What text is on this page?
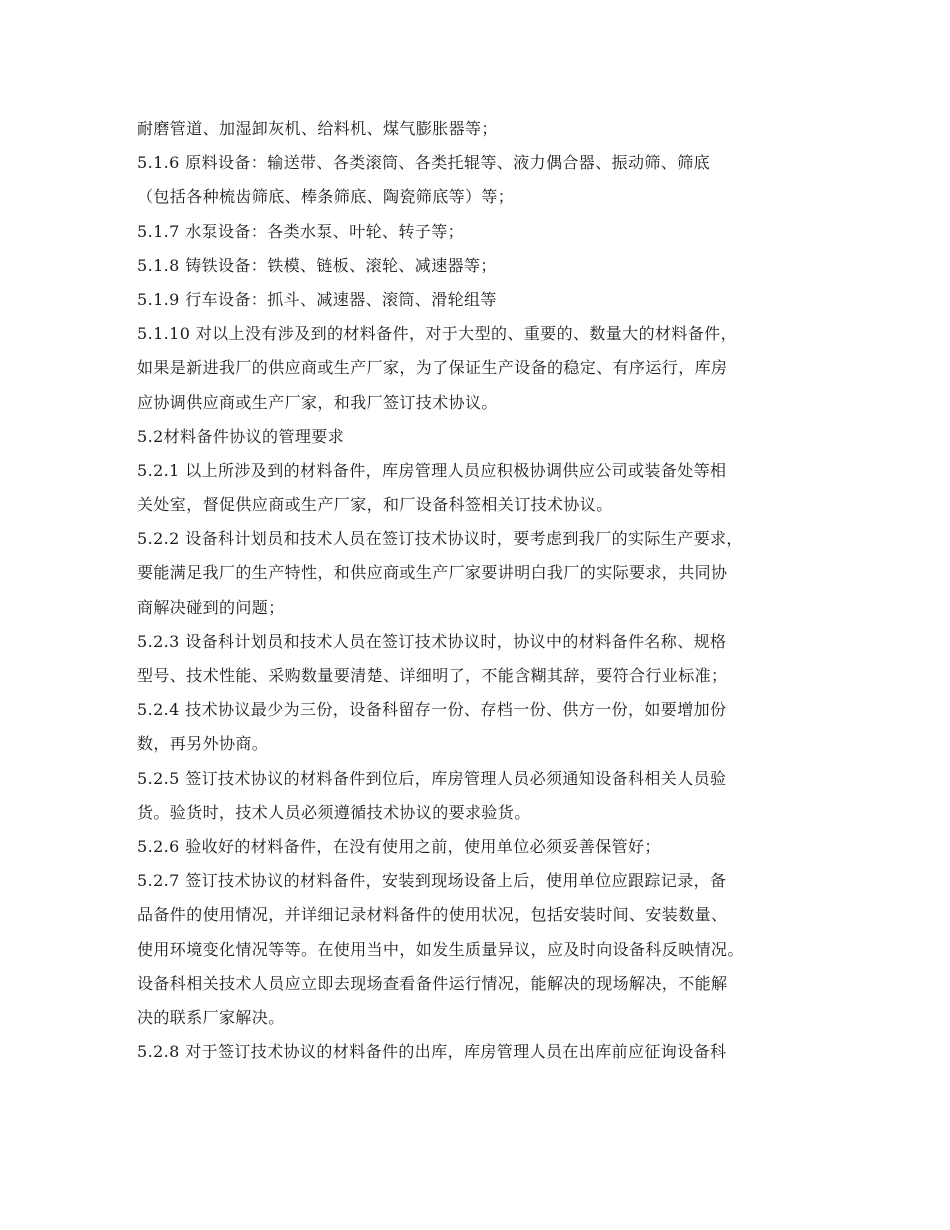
耐磨管道、加湿卸灰机、给料机、煤气膨胀器等；
5.1.6 原料设备：输送带、各类滚筒、各类托辊等、液力偶合器、振动筛、筛底
（包括各种梳齿筛底、棒条筛底、陶瓷筛底等）等；
5.1.7 水泵设备：各类水泵、叶轮、转子等；
5.1.8 铸铁设备：铁模、链板、滚轮、减速器等；
5.1.9 行车设备：抓斗、减速器、滚筒、滑轮组等
5.1.10 对以上没有涉及到的材料备件，对于大型的、重要的、数量大的材料备件，
如果是新进我厂的供应商或生产厂家，为了保证生产设备的稳定、有序运行，库房
应协调供应商或生产厂家，和我厂签订技术协议。
5.2材料备件协议的管理要求
5.2.1 以上所涉及到的材料备件，库房管理人员应积极协调供应公司或装备处等相
关处室，督促供应商或生产厂家，和厂设备科签相关订技术协议。
5.2.2 设备科计划员和技术人员在签订技术协议时，要考虑到我厂的实际生产要求，
要能满足我厂的生产特性，和供应商或生产厂家要讲明白我厂的实际要求，共同协
商解决碰到的问题；
5.2.3 设备科计划员和技术人员在签订技术协议时，协议中的材料备件名称、规格
型号、技术性能、采购数量要清楚、详细明了，不能含糊其辞，要符合行业标准；
5.2.4 技术协议最少为三份，设备科留存一份、存档一份、供方一份，如要增加份
数，再另外协商。
5.2.5 签订技术协议的材料备件到位后，库房管理人员必须通知设备科相关人员验
货。验货时，技术人员必须遵循技术协议的要求验货。
5.2.6 验收好的材料备件，在没有使用之前，使用单位必须妥善保管好；
5.2.7 签订技术协议的材料备件，安装到现场设备上后，使用单位应跟踪记录，备
品备件的使用情况，并详细记录材料备件的使用状况，包括安装时间、安装数量、
使用环境变化情况等等。在使用当中，如发生质量异议，应及时向设备科反映情况。
设备科相关技术人员应立即去现场查看备件运行情况，能解决的现场解决，不能解
决的联系厂家解决。
5.2.8 对于签订技术协议的材料备件的出库，库房管理人员在出库前应征询设备科
